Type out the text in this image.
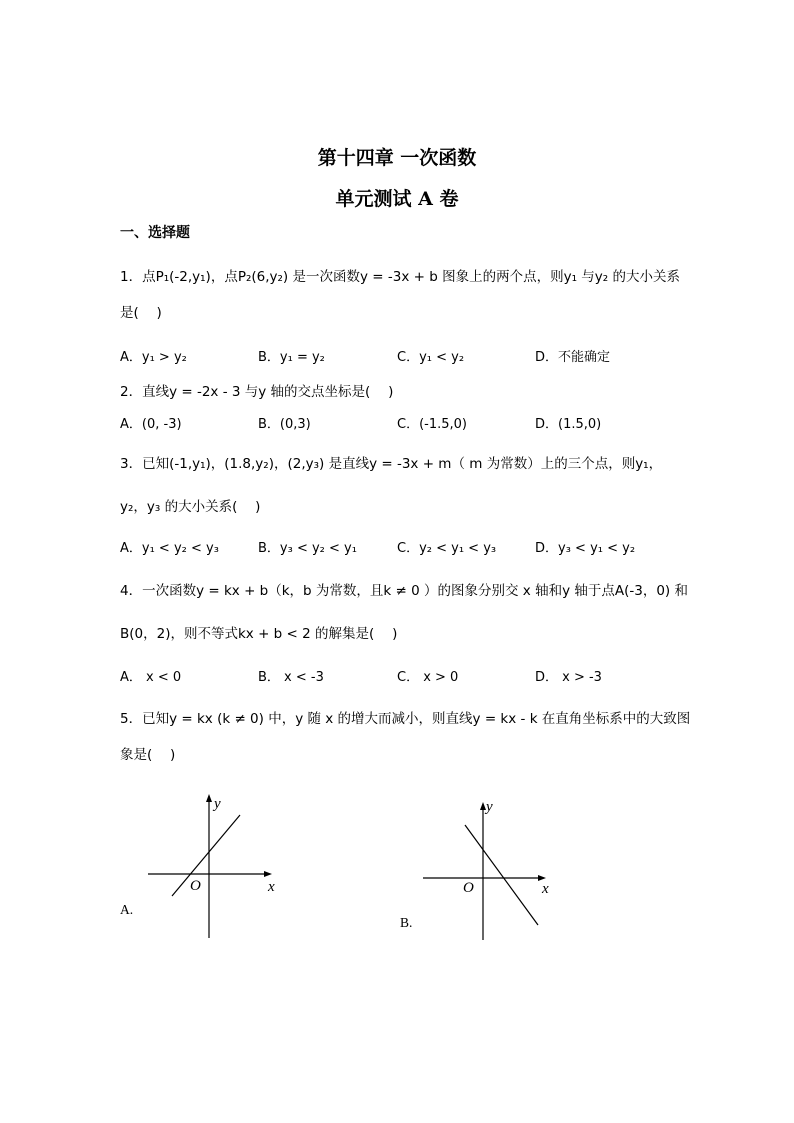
第十四章 一次函数
单元测试 A 卷
一、选择题
1．点P₁(-2,y₁)，点P₂(6,y₂) 是一次函数y = -3x + b 图象上的两个点，则y₁ 与y₂ 的大小关系
是(　 )
A．y₁ > y₂	B．y₁ = y₂	C．y₁ < y₂	D．不能确定
2．直线y = -2x - 3 与y 轴的交点坐标是(　 )
A．(0, -3)	B．(0,3)	C．(-1.5,0)	D．(1.5,0)
3．已知(-1,y₁)，(1.8,y₂)，(2,y₃) 是直线y = -3x + m（ m 为常数）上的三个点，则y₁，
y₂，y₃ 的大小关系(　 )
A．y₁ < y₂ < y₃	B．y₃ < y₂ < y₁	C．y₂ < y₁ < y₃	D．y₃ < y₁ < y₂
4．一次函数y = kx + b（k，b 为常数，且k ≠ 0 ）的图象分别交 x 轴和y 轴于点A(-3，0) 和
B(0，2)，则不等式kx + b < 2 的解集是(　 )
A． x < 0	B． x < -3	C． x > 0	D． x > -3
5．已知y = kx (k ≠ 0) 中，y 随 x 的增大而减小，则直线y = kx - k 在直角坐标系中的大致图
象是(　 )
A.
x
y
O
B.
x
y
O
